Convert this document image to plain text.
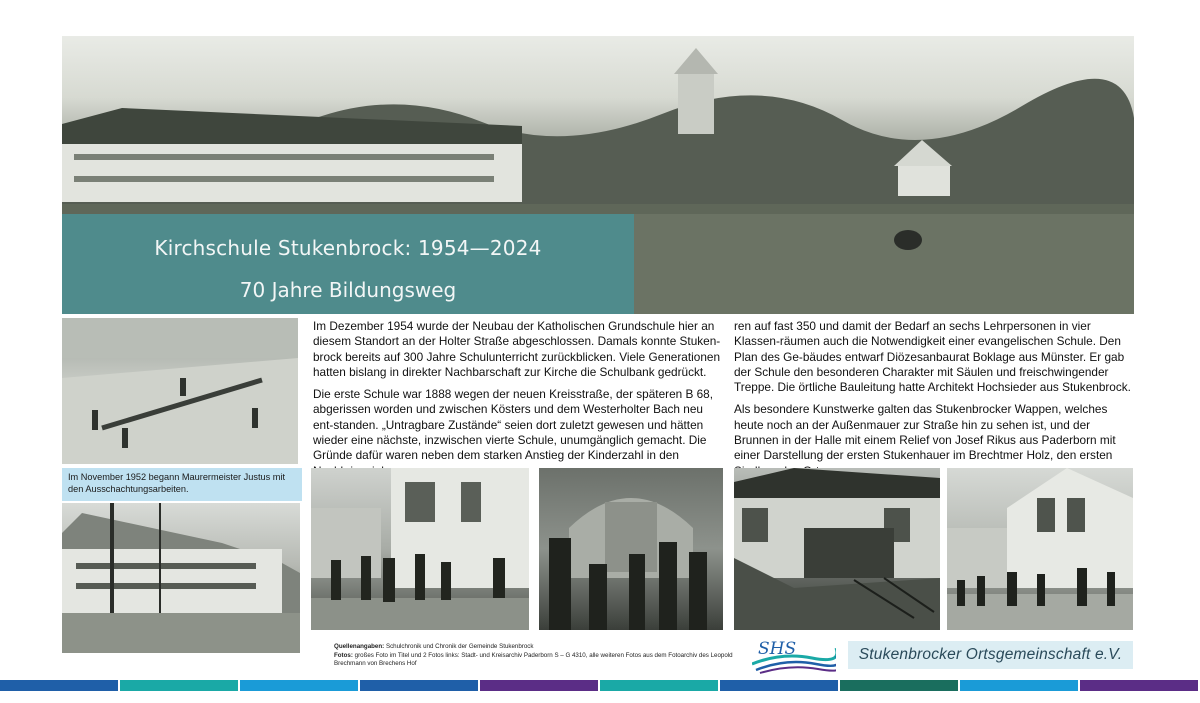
Kirchschule Stukenbrock: 1954—2024
70 Jahre Bildungsweg
Im November 1952 begann Maurermeister Justus mit den Ausschachtungsarbeiten.

Im Dezember 1954 wurde der Neubau der Katholischen Grundschule hier an diesem Standort an der Holter Straße abgeschlossen. Damals konnte Stuken-brock bereits auf 300 Jahre Schulunterricht zurückblicken. Viele Generationen hatten bislang in direkter Nachbarschaft zur Kirche die Schulbank gedrückt.

Die erste Schule war 1888 wegen der neuen Kreisstraße, der späteren B 68, abgerissen worden und zwischen Kösters und dem Westerholter Bach neu ent-standen. „Untragbare Zustände“ seien dort zuletzt gewesen und hätten wieder eine nächste, inzwischen vierte Schule, unumgänglich gemacht. Die Gründe dafür waren neben dem starken Anstieg der Kinderzahl in den

ren auf fast 350 und damit der Bedarf an sechs Lehrpersonen in vier Klassen-räumen auch die Notwendigkeit einer evangelischen Schule. Den Plan des Ge-bäudes entwarf Diözesanbaurat Boklage aus Münster. Er gab der Schule den besonderen Charakter mit Säulen und freischwingender Treppe. Die örtliche Bauleitung hatte Architekt Hochsieder aus Stukenbrock.

Als besondere Kunstwerke galten das Stukenbrocker Wappen, welches heute noch an der Außenmauer zur Straße hin zu sehen ist, und der Brunnen in der Halle mit einem Relief von Josef Rikus aus Paderborn mit einer Darstellung der ersten Stukenhauer im Brechtmer Holz, den ersten

Quellenangaben: Schulchronik und Chronik der Gemeinde Stukenbrock
Fotos: großes Foto im Titel und 2 Fotos links: Stadt- und Kreisarchiv Paderborn S – G 4310, alle weiteren Fotos aus dem Fotoarchiv des Leopold Brechmann von Brechens Hof
SHS	Stukenbrocker Ortsgemeinschaft e.V.
